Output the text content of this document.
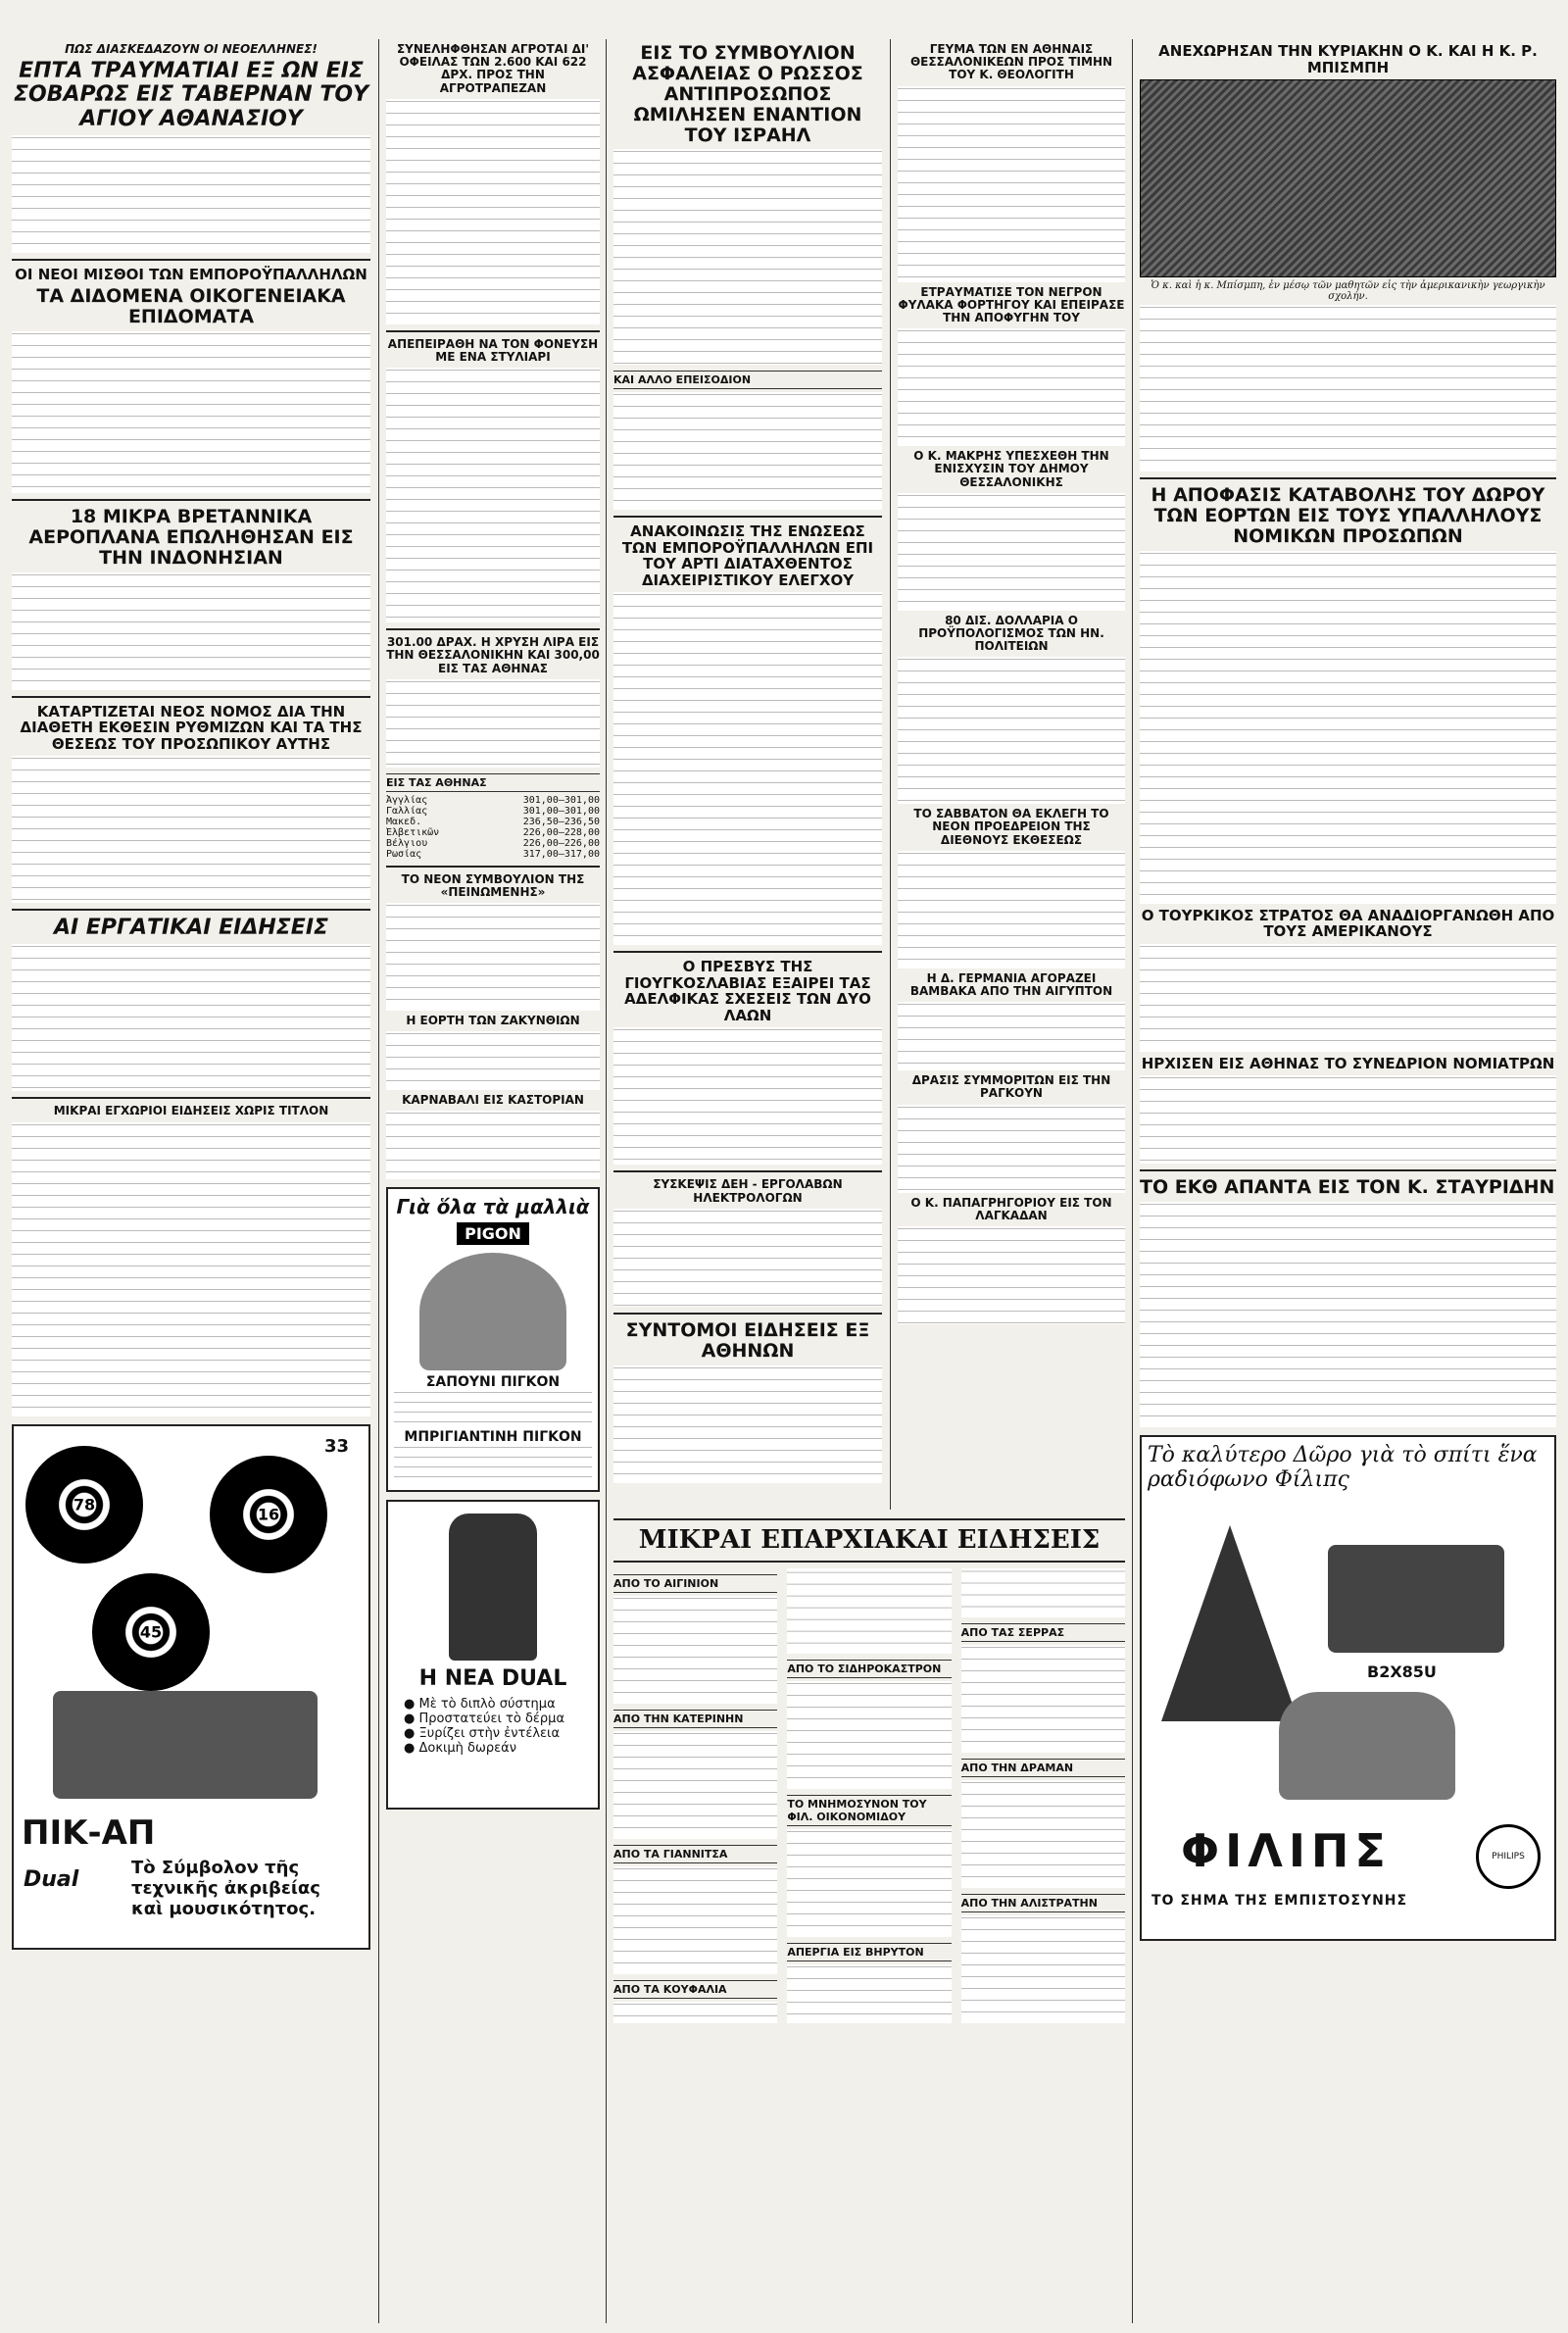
ΠΩΣ ΔΙΑΣΚΕΔΑΖΟΥΝ ΟΙ ΝΕΟΕΛΛΗΝΕΣ!
ΕΠΤΑ ΤΡΑΥΜΑΤΙΑΙ ΕΞ ΩΝ ΕΙΣ ΣΟΒΑΡΩΣ ΕΙΣ ΤΑΒΕΡΝΑΝ ΤΟΥ ΑΓΙΟΥ ΑΘΑΝΑΣΙΟΥ
ΟΙ ΝΕΟΙ ΜΙΣΘΟΙ ΤΩΝ ΕΜΠΟΡΟΫΠΑΛΛΗΛΩΝ
ΤΑ ΔΙΔΟΜΕΝΑ ΟΙΚΟΓΕΝΕΙΑΚΑ ΕΠΙΔΟΜΑΤΑ
18 ΜΙΚΡΑ ΒΡΕΤΑΝΝΙΚΑ ΑΕΡΟΠΛΑΝΑ ΕΠΩΛΗΘΗΣΑΝ ΕΙΣ ΤΗΝ ΙΝΔΟΝΗΣΙΑΝ
ΚΑΤΑΡΤΙΖΕΤΑΙ ΝΕΟΣ ΝΟΜΟΣ ΔΙΑ ΤΗΝ ΔΙΑΘΕΤΗ ΕΚΘΕΣΙΝ ΡΥΘΜΙΖΩΝ ΚΑΙ ΤΑ ΤΗΣ ΘΕΣΕΩΣ ΤΟΥ ΠΡΟΣΩΠΙΚΟΥ ΑΥΤΗΣ
ΑΙ ΕΡΓΑΤΙΚΑΙ ΕΙΔΗΣΕΙΣ
ΜΙΚΡΑΙ ΕΓΧΩΡΙΟΙ ΕΙΔΗΣΕΙΣ ΧΩΡΙΣ ΤΙΤΛΟΝ
78
45
16
33
ΠΙΚ-ΑΠ
Dual	Τὸ Σύμβολον τῆς τεχνικῆς ἀκριβείας καὶ μουσικότητος.
ΣΥΝΕΛΗΦΘΗΣΑΝ ΑΓΡΟΤΑΙ ΔΙ' ΟΦΕΙΛΑΣ ΤΩΝ 2.600 ΚΑΙ 622 ΔΡΧ. ΠΡΟΣ ΤΗΝ ΑΓΡΟΤΡΑΠΕΖΑΝ
ΑΠΕΠΕΙΡΑΘΗ ΝΑ ΤΟΝ ΦΟΝΕΥΣΗ ΜΕ ΕΝΑ ΣΤΥΛΙΑΡΙ
301.00 ΔΡΑΧ. Η ΧΡΥΣΗ ΛΙΡΑ ΕΙΣ ΤΗΝ ΘΕΣΣΑΛΟΝΙΚΗΝ ΚΑΙ 300,00 ΕΙΣ ΤΑΣ ΑΘΗΝΑΣ
ΕΙΣ ΤΑΣ ΑΘΗΝΑΣ
Ἀγγλίας	301,00—301,00
Γαλλίας	301,00—301,00
Μακεδ.	236,50—236,50
Ἑλβετικῶν	226,00—228,00
Βέλγιου	226,00—226,00
Ρωσίας	317,00—317,00
ΤΟ ΝΕΟΝ ΣΥΜΒΟΥΛΙΟΝ ΤΗΣ «ΠΕΙΝΩΜΕΝΗΣ»
Η ΕΟΡΤΗ ΤΩΝ ΖΑΚΥΝΘΙΩΝ
ΚΑΡΝΑΒΑΛΙ ΕΙΣ ΚΑΣΤΟΡΙΑΝ
Γιὰ ὅλα τὰ μαλλιὰ
PIGON
ΣΑΠΟΥΝΙ ΠΙΓΚΟΝ
ΜΠΡΙΓΙΑΝΤΙΝΗ ΠΙΓΚΟΝ
Η ΝΕΑ DUAL
● Μὲ τὸ διπλὸ σύστημα
● Προστατεύει τὸ δέρμα
● Ξυρίζει στὴν ἐντέλεια
● Δοκιμὴ δωρεάν
ΕΙΣ ΤΟ ΣΥΜΒΟΥΛΙΟΝ ΑΣΦΑΛΕΙΑΣ Ο ΡΩΣΣΟΣ ΑΝΤΙΠΡΟΣΩΠΟΣ ΩΜΙΛΗΣΕΝ ΕΝΑΝΤΙΟΝ ΤΟΥ ΙΣΡΑΗΛ
ΚΑΙ ΑΛΛΟ ΕΠΕΙΣΟΔΙΟΝ
ΑΝΑΚΟΙΝΩΣΙΣ ΤΗΣ ΕΝΩΣΕΩΣ ΤΩΝ ΕΜΠΟΡΟΫΠΑΛΛΗΛΩΝ ΕΠΙ ΤΟΥ ΑΡΤΙ ΔΙΑΤΑΧΘΕΝΤΟΣ ΔΙΑΧΕΙΡΙΣΤΙΚΟΥ ΕΛΕΓΧΟΥ
Ο ΠΡΕΣΒΥΣ ΤΗΣ ΓΙΟΥΓΚΟΣΛΑΒΙΑΣ ΕΞΑΙΡΕΙ ΤΑΣ ΑΔΕΛΦΙΚΑΣ ΣΧΕΣΕΙΣ ΤΩΝ ΔΥΟ ΛΑΩΝ
ΣΥΣΚΕΨΙΣ ΔΕΗ - ΕΡΓΟΛΑΒΩΝ ΗΛΕΚΤΡΟΛΟΓΩΝ
ΣΥΝΤΟΜΟΙ ΕΙΔΗΣΕΙΣ ΕΞ ΑΘΗΝΩΝ
ΓΕΥΜΑ ΤΩΝ ΕΝ ΑΘΗΝΑΙΣ ΘΕΣΣΑΛΟΝΙΚΕΩΝ ΠΡΟΣ ΤΙΜΗΝ ΤΟΥ Κ. ΘΕΟΛΟΓΙΤΗ
ΕΤΡΑΥΜΑΤΙΣΕ ΤΟΝ ΝΕΓΡΟΝ ΦΥΛΑΚΑ ΦΟΡΤΗΓΟΥ ΚΑΙ ΕΠΕΙΡΑΣΕ ΤΗΝ ΑΠΟΦΥΓΗΝ ΤΟΥ
Ο Κ. ΜΑΚΡΗΣ ΥΠΕΣΧΕΘΗ ΤΗΝ ΕΝΙΣΧΥΣΙΝ ΤΟΥ ΔΗΜΟΥ ΘΕΣΣΑΛΟΝΙΚΗΣ
80 ΔΙΣ. ΔΟΛΛΑΡΙΑ Ο ΠΡΟΫΠΟΛΟΓΙΣΜΟΣ ΤΩΝ ΗΝ. ΠΟΛΙΤΕΙΩΝ
ΤΟ ΣΑΒΒΑΤΟΝ ΘΑ ΕΚΛΕΓΗ ΤΟ ΝΕΟΝ ΠΡΟΕΔΡΕΙΟΝ ΤΗΣ ΔΙΕΘΝΟΥΣ ΕΚΘΕΣΕΩΣ
Η Δ. ΓΕΡΜΑΝΙΑ ΑΓΟΡΑΖΕΙ ΒΑΜΒΑΚΑ ΑΠΟ ΤΗΝ ΑΙΓΥΠΤΟΝ
ΔΡΑΣΙΣ ΣΥΜΜΟΡΙΤΩΝ ΕΙΣ ΤΗΝ ΡΑΓΚΟΥΝ
Ο Κ. ΠΑΠΑΓΡΗΓΟΡΙΟΥ ΕΙΣ ΤΟΝ ΛΑΓΚΑΔΑΝ
ΑΝΕΧΩΡΗΣΑΝ ΤΗΝ ΚΥΡΙΑΚΗΝ Ο Κ. ΚΑΙ Η Κ. Ρ. ΜΠΙΣΜΠΗ
Ὁ κ. καὶ ἡ κ. Μπίσμπη, ἐν μέσῳ τῶν μαθητῶν εἰς τὴν ἀμερικανικὴν γεωργικὴν σχολήν.
Η ΑΠΟΦΑΣΙΣ ΚΑΤΑΒΟΛΗΣ ΤΟΥ ΔΩΡΟΥ ΤΩΝ ΕΟΡΤΩΝ ΕΙΣ ΤΟΥΣ ΥΠΑΛΛΗΛΟΥΣ ΝΟΜΙΚΩΝ ΠΡΟΣΩΠΩΝ
Ο ΤΟΥΡΚΙΚΟΣ ΣΤΡΑΤΟΣ ΘΑ ΑΝΑΔΙΟΡΓΑΝΩΘΗ ΑΠΟ ΤΟΥΣ ΑΜΕΡΙΚΑΝΟΥΣ
ΗΡΧΙΣΕΝ ΕΙΣ ΑΘΗΝΑΣ ΤΟ ΣΥΝΕΔΡΙΟΝ ΝΟΜΙΑΤΡΩΝ
ΤΟ ΕΚΘ ΑΠΑΝΤΑ ΕΙΣ ΤΟΝ Κ. ΣΤΑΥΡΙΔΗΝ
Τὸ καλύτερο Δῶρο γιὰ τὸ σπίτι ἕνα ραδιόφωνο Φίλιπς
B2X85U
ΦΙΛΙΠΣ	PHILIPS
ΤΟ ΣΗΜΑ ΤΗΣ ΕΜΠΙΣΤΟΣΥΝΗΣ
ΜΙΚΡΑΙ ΕΠΑΡΧΙΑΚΑΙ ΕΙΔΗΣΕΙΣ
ΑΠΟ ΤΟ ΑΙΓΙΝΙΟΝ
ΑΠΟ ΤΗΝ ΚΑΤΕΡΙΝΗΝ
ΑΠΟ ΤΑ ΓΙΑΝΝΙΤΣΑ
ΑΠΟ ΤΑ ΚΟΥΦΑΛΙΑ
ΑΠΟ ΤΟ ΣΙΔΗΡΟΚΑΣΤΡΟΝ
ΤΟ ΜΝΗΜΟΣΥΝΟΝ ΤΟΥ ΦΙΛ. ΟΙΚΟΝΟΜΙΔΟΥ
ΑΠΕΡΓΙΑ ΕΙΣ ΒΗΡΥΤΟΝ
ΑΠΟ ΤΑΣ ΣΕΡΡΑΣ
ΑΠΟ ΤΗΝ ΔΡΑΜΑΝ
ΑΠΟ ΤΗΝ ΑΛΙΣΤΡΑΤΗΝ
